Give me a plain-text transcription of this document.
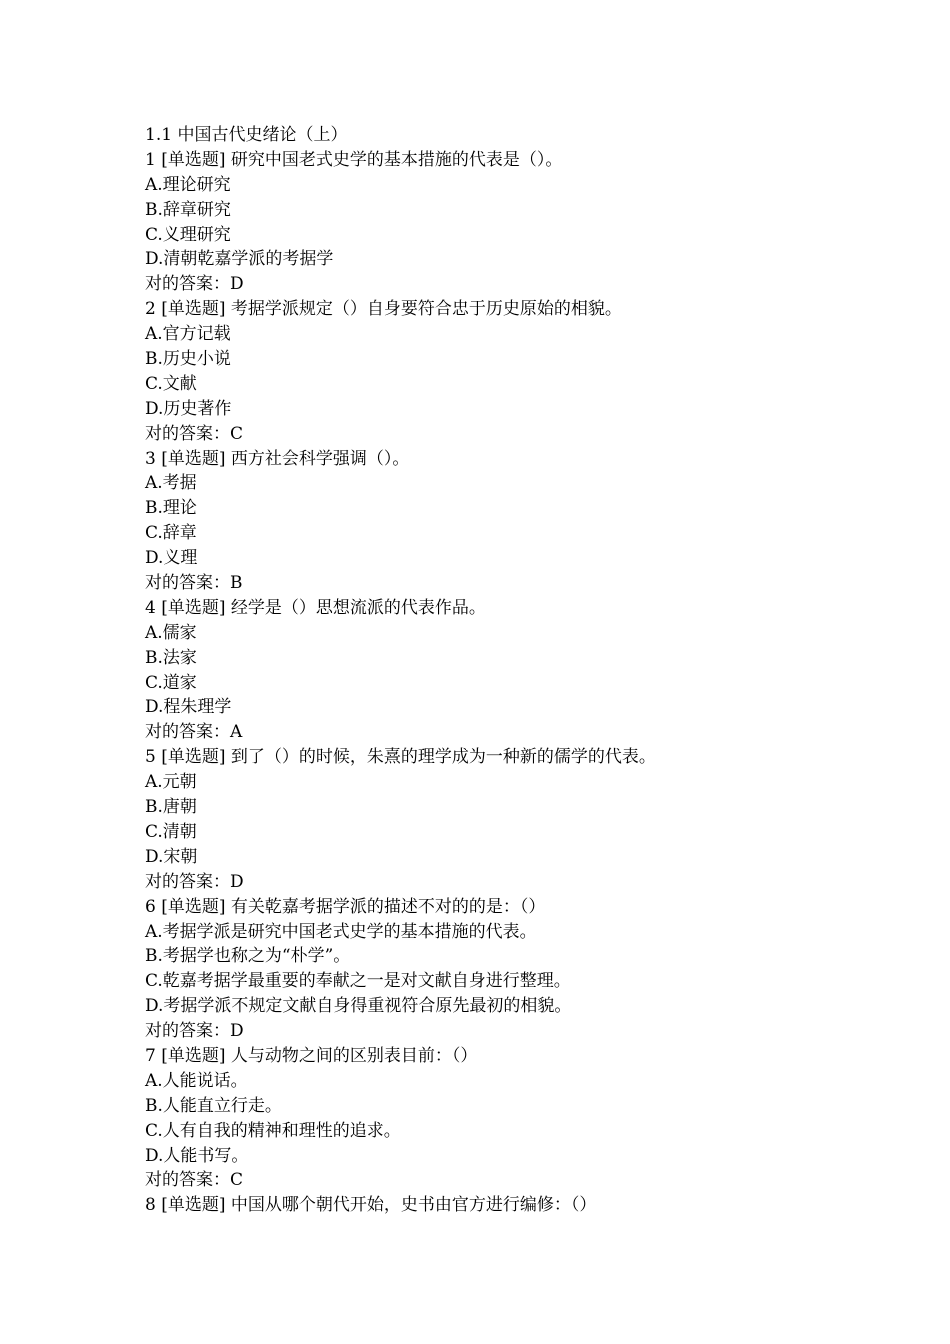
1.1 中国古代史绪论（上）
1 [单选题] 研究中国老式史学的基本措施的代表是（）。
A.理论研究
B.辞章研究
C.义理研究
D.清朝乾嘉学派的考据学
对的答案：D
2 [单选题] 考据学派规定（）自身要符合忠于历史原始的相貌。
A.官方记载
B.历史小说
C.文献
D.历史著作
对的答案：C
3 [单选题] 西方社会科学强调（）。
A.考据
B.理论
C.辞章
D.义理
对的答案：B
4 [单选题] 经学是（）思想流派的代表作品。
A.儒家
B.法家
C.道家
D.程朱理学
对的答案：A
5 [单选题] 到了（）的时候，朱熹的理学成为一种新的儒学的代表。
A.元朝
B.唐朝
C.清朝
D.宋朝
对的答案：D
6 [单选题] 有关乾嘉考据学派的描述不对的的是：（）
A.考据学派是研究中国老式史学的基本措施的代表。
B.考据学也称之为“朴学”。
C.乾嘉考据学最重要的奉献之一是对文献自身进行整理。
D.考据学派不规定文献自身得重视符合原先最初的相貌。
对的答案：D
7 [单选题] 人与动物之间的区别表目前：（）
A.人能说话。
B.人能直立行走。
C.人有自我的精神和理性的追求。
D.人能书写。
对的答案：C
8 [单选题] 中国从哪个朝代开始，史书由官方进行编修：（）
